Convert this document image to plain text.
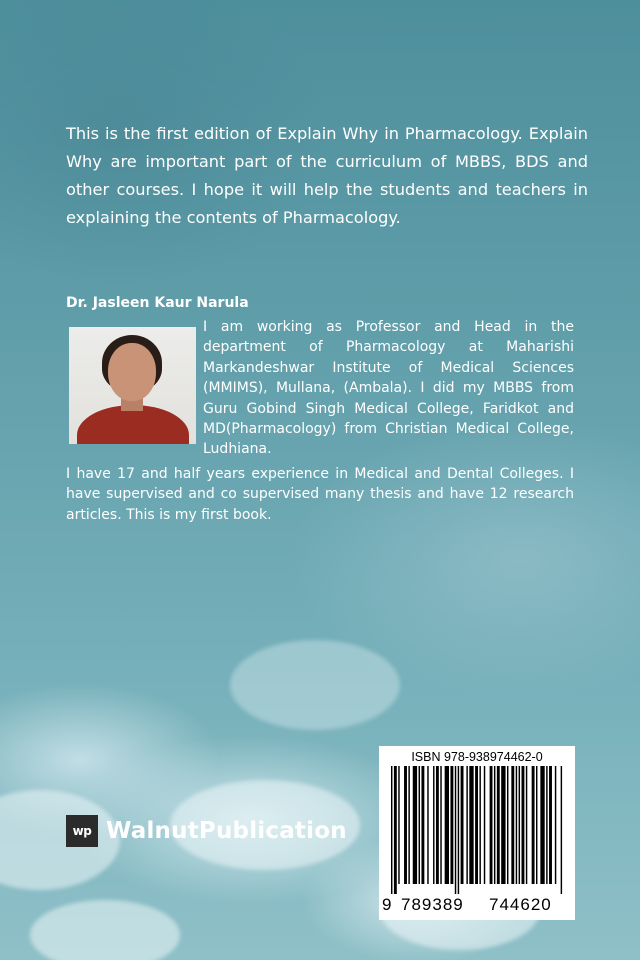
This is the first edition of Explain Why in Pharmacology. Explain Why are important part of the curriculum of MBBS, BDS and other courses. I hope it will help the students and teachers in explaining the contents of Pharmacology.

Dr. Jasleen Kaur Narula

I am working as Professor and Head in the department of Pharmacology at Maharishi Markandeshwar Institute of Medical Sciences (MMIMS), Mullana, (Ambala). I did my MBBS from Guru Gobind Singh Medical College, Faridkot and MD(Pharmacology) from Christian Medical College, Ludhiana.

I have 17 and half years experience in Medical and Dental Colleges. I have supervised and co supervised many thesis and have 12 research articles. This is my first book.

wp WalnutPublication
ISBN 978-938974462-0
9 789389 744620
